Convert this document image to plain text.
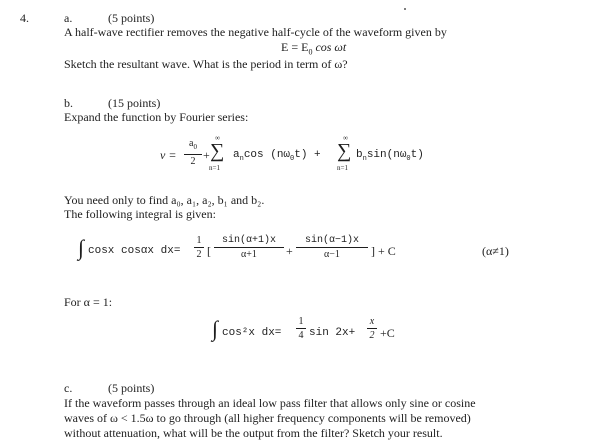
4.	a.	(5 points)
A half-wave rectifier removes the negative half-cycle of the waveform given by
$E = E_0$ cos ωt
Sketch the resultant wave. What is the period in term of ω?
b.	(15 points)
Expand the function by Fourier series:
v =
$a_0$
2 +
∞
∑
n=1
$a_n\cos$ $(n\omega_0t)$ +
∞
∑
n=1
$b_n\sin(n\omega_0t)$
You need only to find a₀, a₁, a₂, b₁ and b₂.
The following integral is given:
∫ cosx cosαx dx=
1
2 [
sin(α+1)x
α+1	+
sin(α−1)x
α−1	] + C	(α≠1)
For α = 1:
∫ cos²x dx=
1
4 sin 2x+
x
2 +C
c.	(5 points)
If the waveform passes through an ideal low pass filter that allows only sine or cosine
waves of ω < 1.5ω to go through (all higher frequency components will be removed)
without attenuation, what will be the output from the filter? Sketch your result.
